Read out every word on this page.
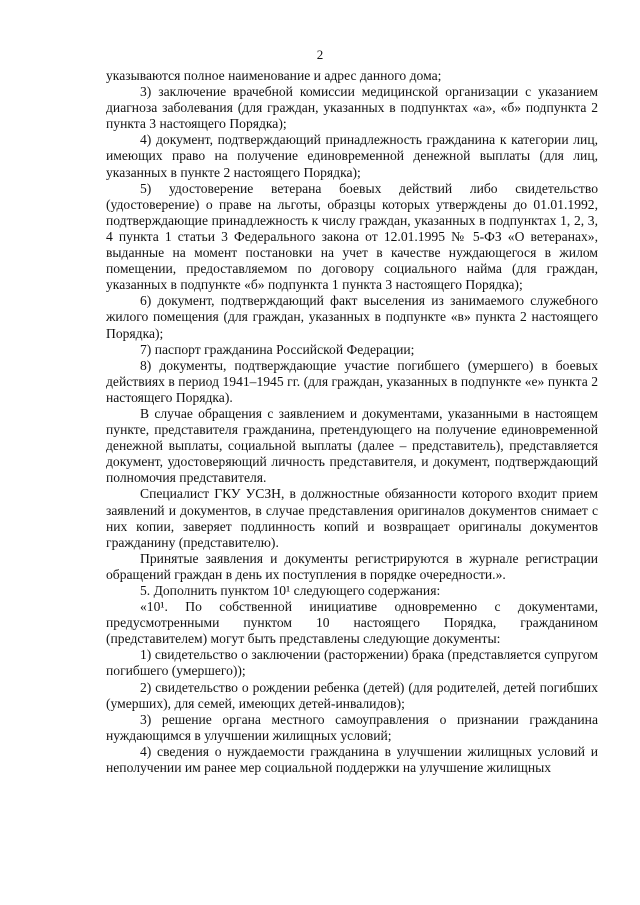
2

указываются полное наименование и адрес данного дома;

3) заключение врачебной комиссии медицинской организации с указанием диагноза заболевания (для граждан, указанных в подпунктах «а», «б» подпункта 2 пункта 3 настоящего Порядка);

4) документ, подтверждающий принадлежность гражданина к категории лиц, имеющих право на получение единовременной денежной выплаты (для лиц, указанных в пункте 2 настоящего Порядка);

5) удостоверение ветерана боевых действий либо свидетельство (удостоверение) о праве на льготы, образцы которых утверждены до 01.01.1992, подтверждающие принадлежность к числу граждан, указанных в подпунктах 1, 2, 3, 4 пункта 1 статьи 3 Федерального закона от 12.01.1995 № 5-ФЗ «О ветеранах», выданные на момент постановки на учет в качестве нуждающегося в жилом помещении, предоставляемом по договору социального найма (для граждан, указанных в подпункте «б» подпункта 1 пункта 3 настоящего Порядка);

6) документ, подтверждающий факт выселения из занимаемого служебного жилого помещения (для граждан, указанных в подпункте «в» пункта 2 настоящего Порядка);

7) паспорт гражданина Российской Федерации;

8) документы, подтверждающие участие погибшего (умершего) в боевых действиях в период 1941–1945 гг. (для граждан, указанных в подпункте «е» пункта 2 настоящего Порядка).

В случае обращения с заявлением и документами, указанными в настоящем пункте, представителя гражданина, претендующего на получение единовременной денежной выплаты, социальной выплаты (далее – представитель), представляется документ, удостоверяющий личность представителя, и документ, подтверждающий полномочия представителя.

Специалист ГКУ УСЗН, в должностные обязанности которого входит прием заявлений и документов, в случае представления оригиналов документов снимает с них копии, заверяет подлинность копий и возвращает оригиналы документов гражданину (представителю).

Принятые заявления и документы регистрируются в журнале регистрации обращений граждан в день их поступления в порядке очередности.».

5. Дополнить пунктом 10¹ следующего содержания:

«10¹. По собственной инициативе одновременно с документами, предусмотренными пунктом 10 настоящего Порядка, гражданином (представителем) могут быть представлены следующие документы:

1) свидетельство о заключении (расторжении) брака (представляется супругом погибшего (умершего));

2) свидетельство о рождении ребенка (детей) (для родителей, детей погибших (умерших), для семей, имеющих детей-инвалидов);

3) решение органа местного самоуправления о признании гражданина нуждающимся в улучшении жилищных условий;

4) сведения о нуждаемости гражданина в улучшении жилищных условий и неполучении им ранее мер социальной поддержки на улучшение жилищных
